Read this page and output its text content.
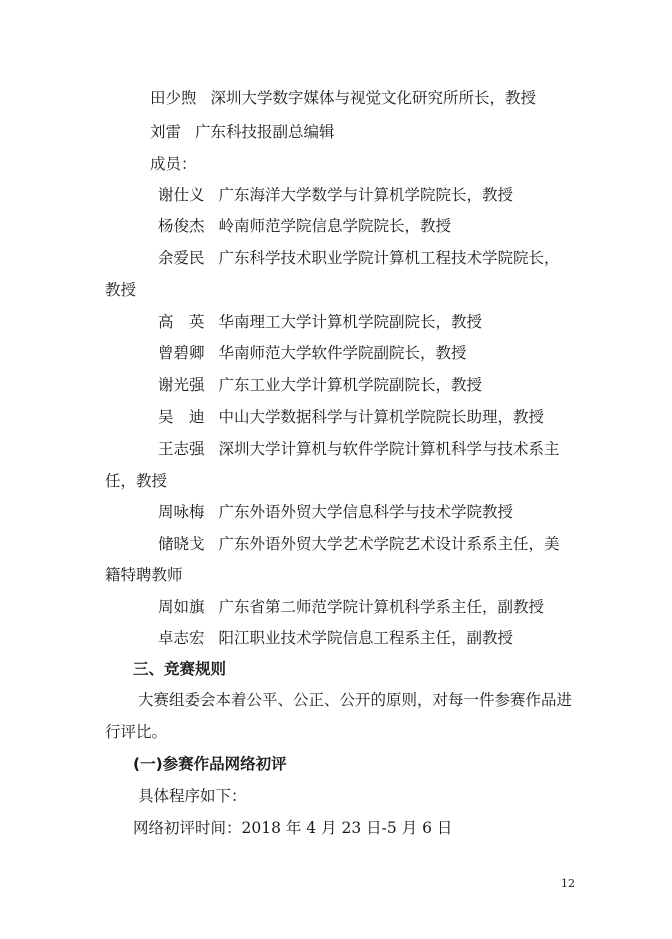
田少煦 深圳大学数字媒体与视觉文化研究所所长，教授
刘雷 广东科技报副总编辑
成员：
谢仕义 广东海洋大学数学与计算机学院院长，教授
杨俊杰 岭南师范学院信息学院院长，教授
余爱民 广东科学技术职业学院计算机工程技术学院院长，
教授
高　英 华南理工大学计算机学院副院长，教授
曾碧卿 华南师范大学软件学院副院长，教授
谢光强 广东工业大学计算机学院副院长，教授
吴　迪 中山大学数据科学与计算机学院院长助理，教授
王志强 深圳大学计算机与软件学院计算机科学与技术系主
任，教授
周咏梅 广东外语外贸大学信息科学与技术学院教授
储晓戈 广东外语外贸大学艺术学院艺术设计系系主任，美
籍特聘教师
周如旗 广东省第二师范学院计算机科学系主任，副教授
卓志宏 阳江职业技术学院信息工程系主任，副教授
三、竞赛规则
大赛组委会本着公平、公正、公开的原则，对每一件参赛作品进
行评比。
(一)参赛作品网络初评
具体程序如下：
网络初评时间：2018 年 4 月 23 日-5 月 6 日
12
